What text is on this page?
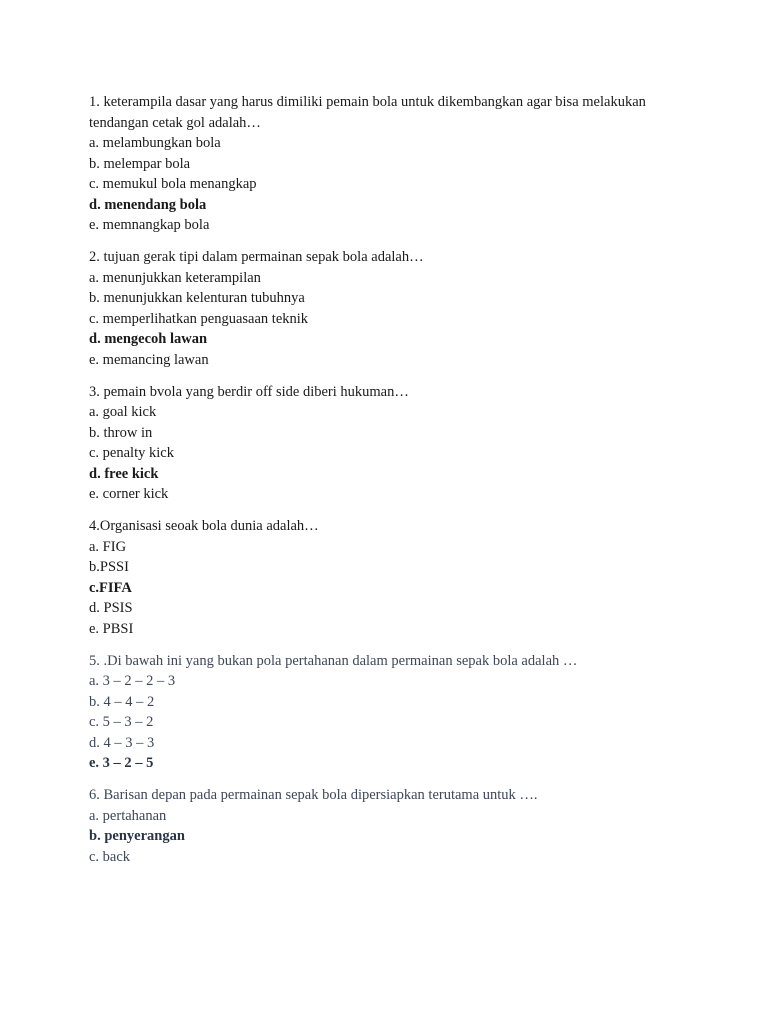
1. keterampila dasar yang harus dimiliki pemain bola untuk dikembangkan agar bisa melakukan tendangan cetak gol adalah…
a. melambungkan bola
b. melempar bola
c. memukul bola menangkap
d. menendang bola
e. memnangkap bola
2. tujuan gerak tipi dalam permainan sepak bola adalah…
a. menunjukkan keterampilan
b. menunjukkan kelenturan tubuhnya
c. memperlihatkan penguasaan teknik
d. mengecoh lawan
e. memancing lawan
3. pemain bvola yang berdir off side diberi hukuman…
a. goal kick
b. throw in
c. penalty kick
d. free kick
e. corner kick
4.Organisasi seoak bola dunia adalah…
a. FIG
b.PSSI
c.FIFA
d. PSIS
e. PBSI
5. .Di bawah ini yang bukan pola pertahanan dalam permainan sepak bola adalah …
a. 3 – 2 – 2 – 3
b. 4 – 4 – 2
c. 5 – 3 – 2
d. 4 – 3 – 3
e. 3 – 2 – 5
6. Barisan depan pada permainan sepak bola dipersiapkan terutama untuk ….
a. pertahanan
b. penyerangan
c. back
